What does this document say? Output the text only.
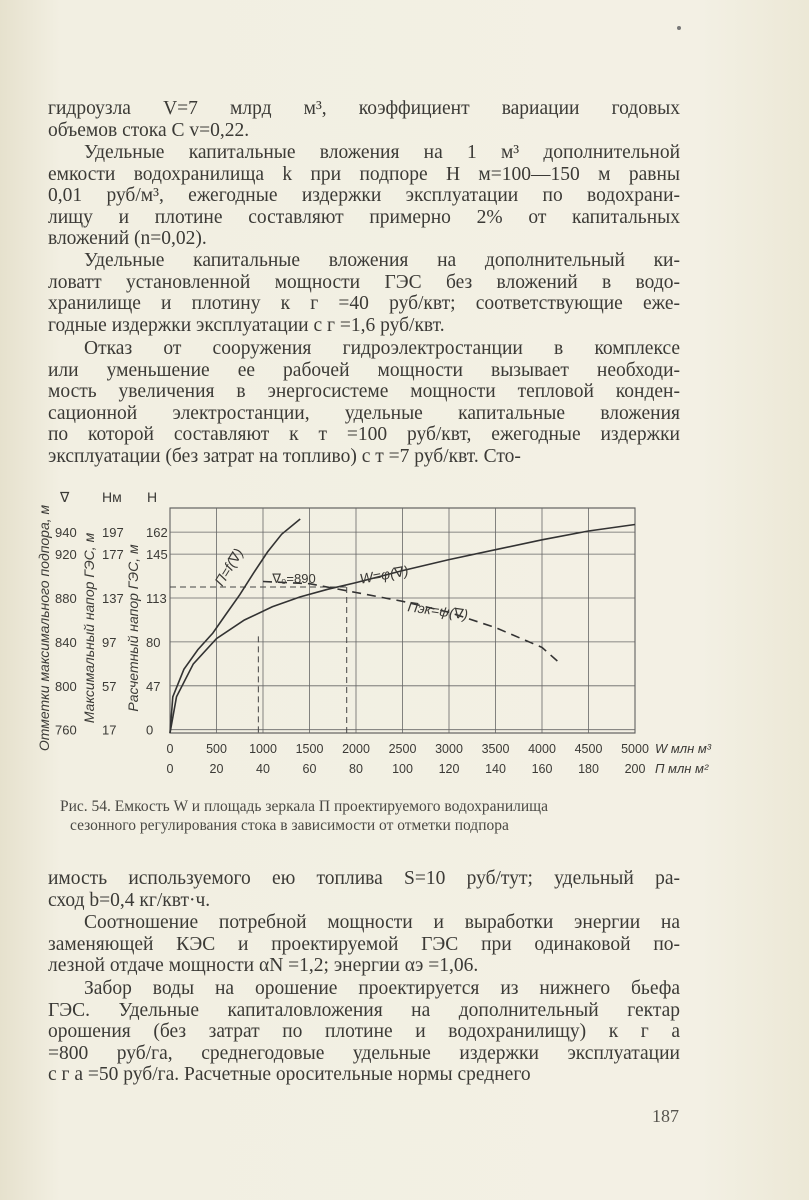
гидроузла V=7 млрд м³, коэффициент вариации годовых
объемов стока C v=0,22.
Удельные капитальные вложения на 1 м³ дополнительной
емкости водохранилища k при подпоре H м=100—150 м равны
0,01 руб/м³, ежегодные издержки эксплуатации по водохрани-
лищу и плотине составляют примерно 2% от капитальных
вложений (n=0,02).
Удельные капитальные вложения на дополнительный ки-
ловатт установленной мощности ГЭС без вложений в водо-
хранилище и плотину к г =40 руб/квт; соответствующие еже-
годные издержки эксплуатации с г =1,6 руб/квт.
Отказ от сооружения гидроэлектростанции в комплексе
или уменьшение ее рабочей мощности вызывает необходи-
мость увеличения в энергосистеме мощности тепловой конден-
сационной электростанции, удельные капитальные вложения
по которой составляют к т =100 руб/квт, ежегодные издержки
эксплуатации (без затрат на топливо) с т =7 руб/квт. Сто-
W=φ(∇)
П=f(∇)
Пэк=ψ(∇)
∇₀=890
∇ Hм H
940 197 162
920 177 145
880 137 113
840 97 80
800 57 47
760 17 0
Отметки максимального подпора, м Максимальный напор ГЭС, м Расчетный напор ГЭС, м
0
0
500
20
1000
40
1500
60
2000
80
2500
100
3000
120
3500
140
4000
160
4500
180
5000
200
W млн м³
П млн м²
Рис. 54. Емкость W и площадь зеркала П проектируемого водохранилища
сезонного регулирования стока в зависимости от отметки подпора
имость используемого ею топлива S=10 руб/тут; удельный ра-
сход b=0,4 кг/квт·ч.
Соотношение потребной мощности и выработки энергии на
заменяющей КЭС и проектируемой ГЭС при одинаковой по-
лезной отдаче мощности αN =1,2; энергии αэ =1,06.
Забор воды на орошение проектируется из нижнего бьефа
ГЭС. Удельные капиталовложения на дополнительный гектар
орошения (без затрат по плотине и водохранилищу) к г а
=800 руб/га, среднегодовые удельные издержки эксплуатации
с г а =50 руб/га. Расчетные оросительные нормы среднего
187
